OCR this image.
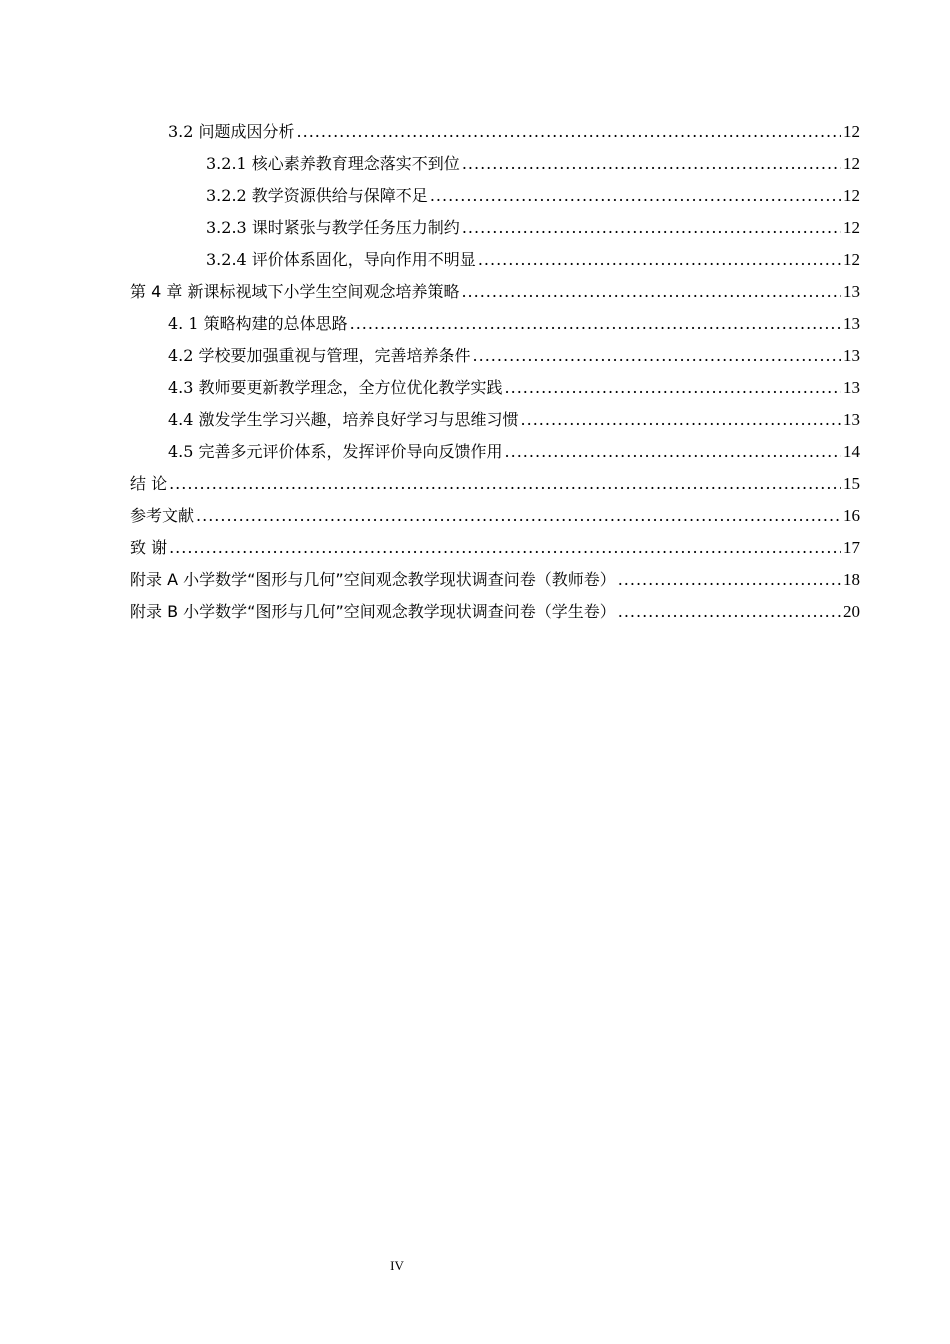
3.2 问题成因分析 .....	12
3.2.1 核心素养教育理念落实不到位 .....	12
3.2.2 教学资源供给与保障不足 .....	12
3.2.3 课时紧张与教学任务压力制约 .....	12
3.2.4 评价体系固化，导向作用不明显 .....	12
第 4 章 新课标视域下小学生空间观念培养策略 .....	13
4. 1 策略构建的总体思路 .....	13
4.2 学校要加强重视与管理，完善培养条件 .....	13
4.3 教师要更新教学理念，全方位优化教学实践 .....	13
4.4 激发学生学习兴趣，培养良好学习与思维习惯 .....	13
4.5 完善多元评价体系，发挥评价导向反馈作用 .....	14
结 论 .....	15
参考文献 .....	16
致 谢 .....	17
附录 A 小学数学“图形与几何”空间观念教学现状调查问卷（教师卷） .....	18
附录 B 小学数学“图形与几何”空间观念教学现状调查问卷（学生卷） .....	20
IV
